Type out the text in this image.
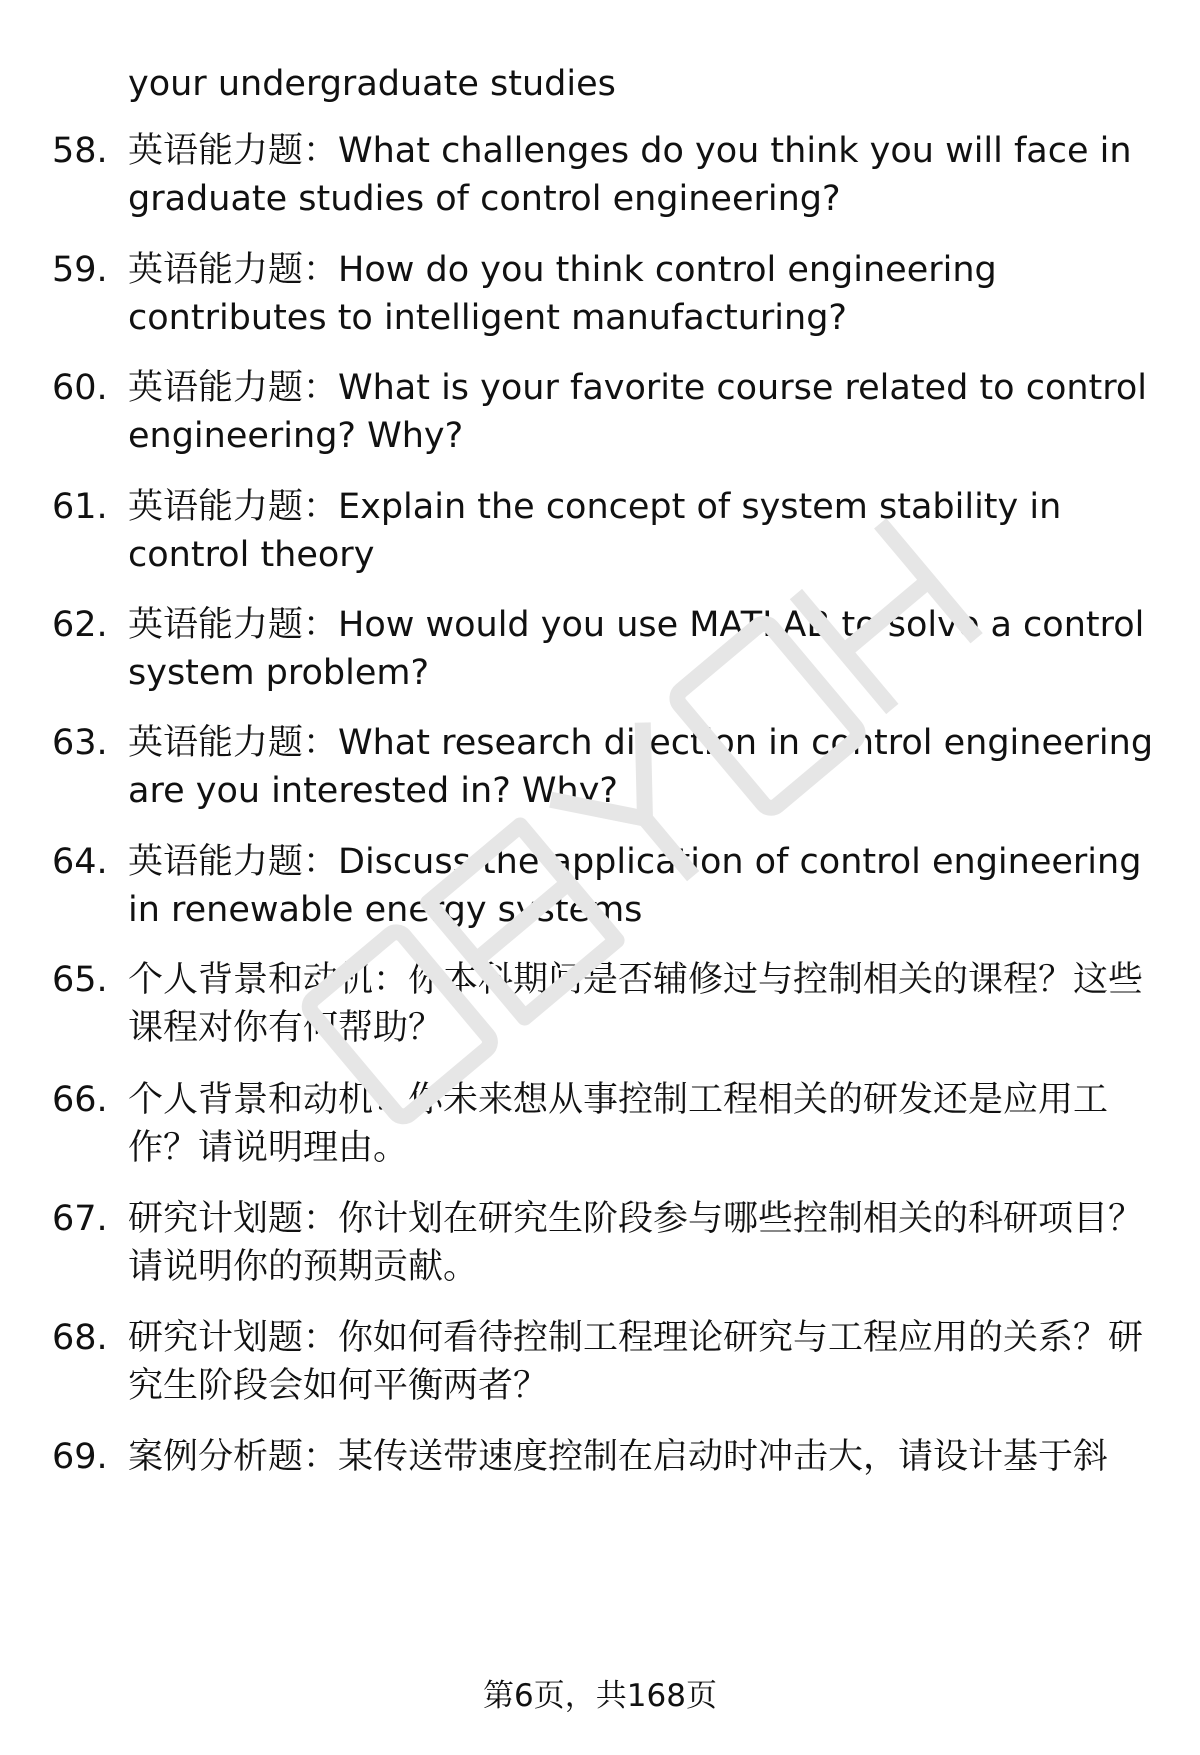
your undergraduate studies

58. 英语能力题：What challenges do you think you will face in graduate studies of control engineering?
59. 英语能力题：How do you think control engineering contributes to intelligent manufacturing?
60. 英语能力题：What is your favorite course related to control engineering? Why?
61. 英语能力题：Explain the concept of system stability in control theory
62. 英语能力题：How would you use MATLAB to solve a control system problem?
63. 英语能力题：What research direction in control engineering are you interested in? Why?
64. 英语能力题：Discuss the application of control engineering in renewable energy systems
65. 个人背景和动机：你本科期间是否辅修过与控制相关的课程？这些课程对你有何帮助？
66. 个人背景和动机：你未来想从事控制工程相关的研发还是应用工作？请说明理由。
67. 研究计划题：你计划在研究生阶段参与哪些控制相关的科研项目？请说明你的预期贡献。
68. 研究计划题：你如何看待控制工程理论研究与工程应用的关系？研究生阶段会如何平衡两者？
69. 案例分析题：某传送带速度控制在启动时冲击大，请设计基于斜
第6页，共168页
